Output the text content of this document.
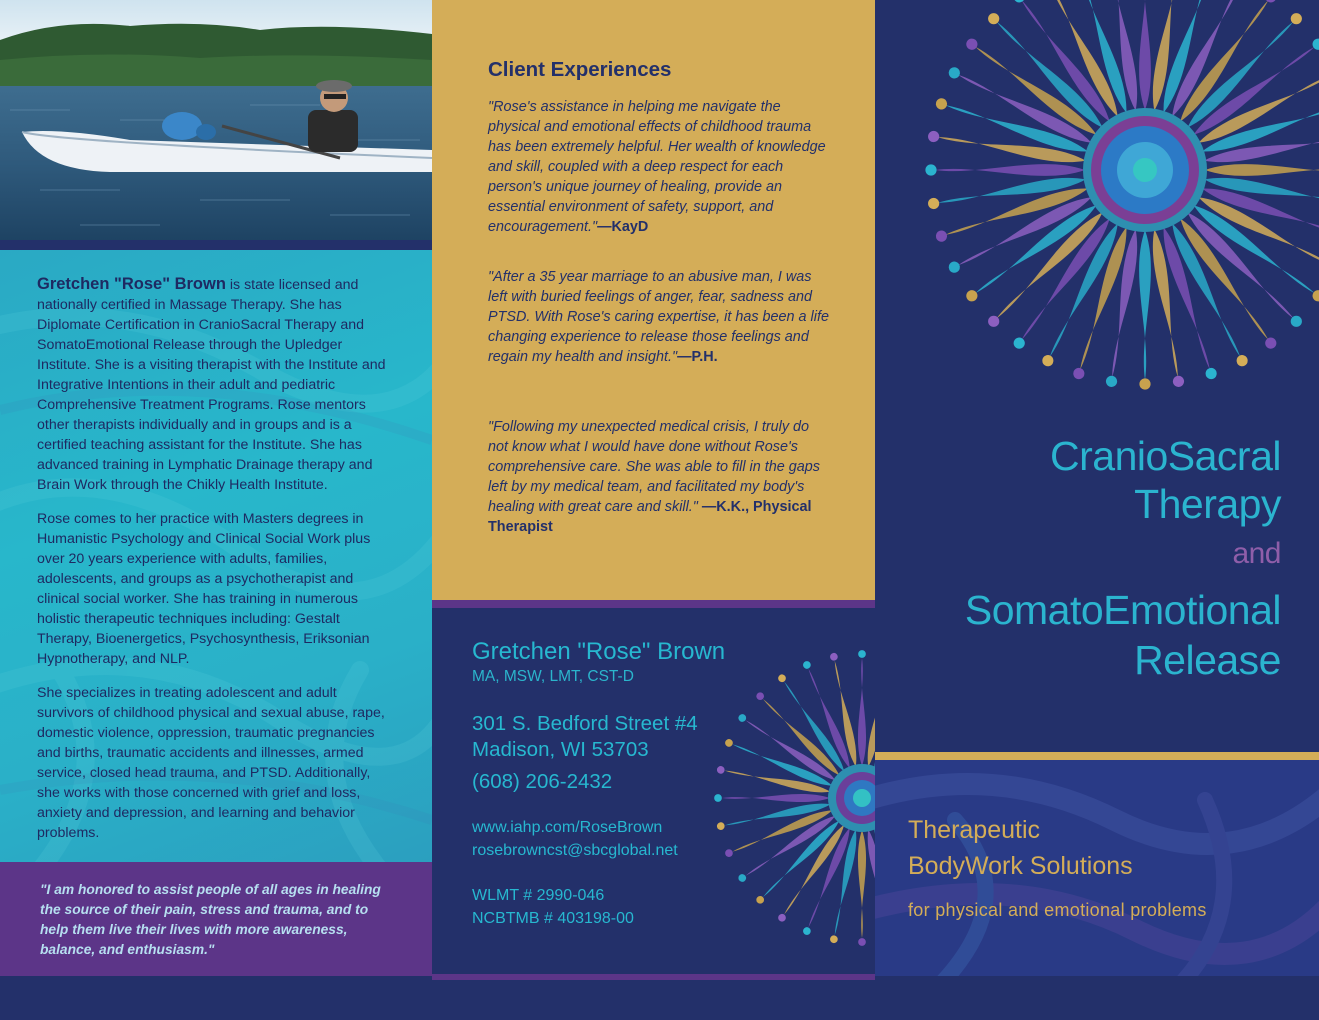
Gretchen "Rose" Brown is state licensed and nationally certified in Massage Therapy. She has Diplomate Certification in CranioSacral Therapy and SomatoEmotional Release through the Upledger Institute. She is a visiting therapist with the Institute and Integrative Intentions in their adult and pediatric Comprehensive Treatment Programs. Rose mentors other therapists individually and in groups and is a certified teaching assistant for the Institute. She has advanced training in Lymphatic Drainage therapy and Brain Work through the Chikly Health Institute.
Rose comes to her practice with Masters degrees in Humanistic Psychology and Clinical Social Work plus over 20 years experience with adults, families, adolescents, and groups as a psychotherapist and clinical social worker. She has training in numerous holistic therapeutic techniques including: Gestalt Therapy, Bioenergetics, Psychosynthesis, Eriksonian Hypnotherapy, and NLP.
She specializes in treating adolescent and adult survivors of childhood physical and sexual abuse, rape, domestic violence, oppression, traumatic pregnancies and births, traumatic accidents and illnesses, armed service, closed head trauma, and PTSD. Additionally, she works with those concerned with grief and loss, anxiety and depression, and learning and behavior problems.
"I am honored to assist people of all ages in healing the source of their pain, stress and trauma, and to help them live their lives with more awareness, balance, and enthusiasm."
Client Experiences
"Rose's assistance in helping me navigate the physical and emotional effects of childhood trauma has been extremely helpful. Her wealth of knowledge and skill, coupled with a deep respect for each person's unique journey of healing, provide an essential environment of safety, support, and encouragement."—KayD
"After a 35 year marriage to an abusive man, I was left with buried feelings of anger, fear, sadness and PTSD. With Rose's caring expertise, it has been a life changing experience to release those feelings and regain my health and insight."—P.H.
"Following my unexpected medical crisis, I truly do not know what I would have done without Rose's comprehensive care. She was able to fill in the gaps left by my medical team, and facilitated my body's healing with great care and skill." —K.K., Physical Therapist
Gretchen "Rose" Brown
MA, MSW, LMT, CST-D
301 S. Bedford Street #4
Madison, WI 53703
(608) 206-2432
www.iahp.com/RoseBrown
rosebrowncst@sbcglobal.net
WLMT # 2990-046
NCBTMB # 403198-00
CranioSacral
Therapy
and
SomatoEmotional
Release
Therapeutic
BodyWork Solutions
for physical and emotional problems
